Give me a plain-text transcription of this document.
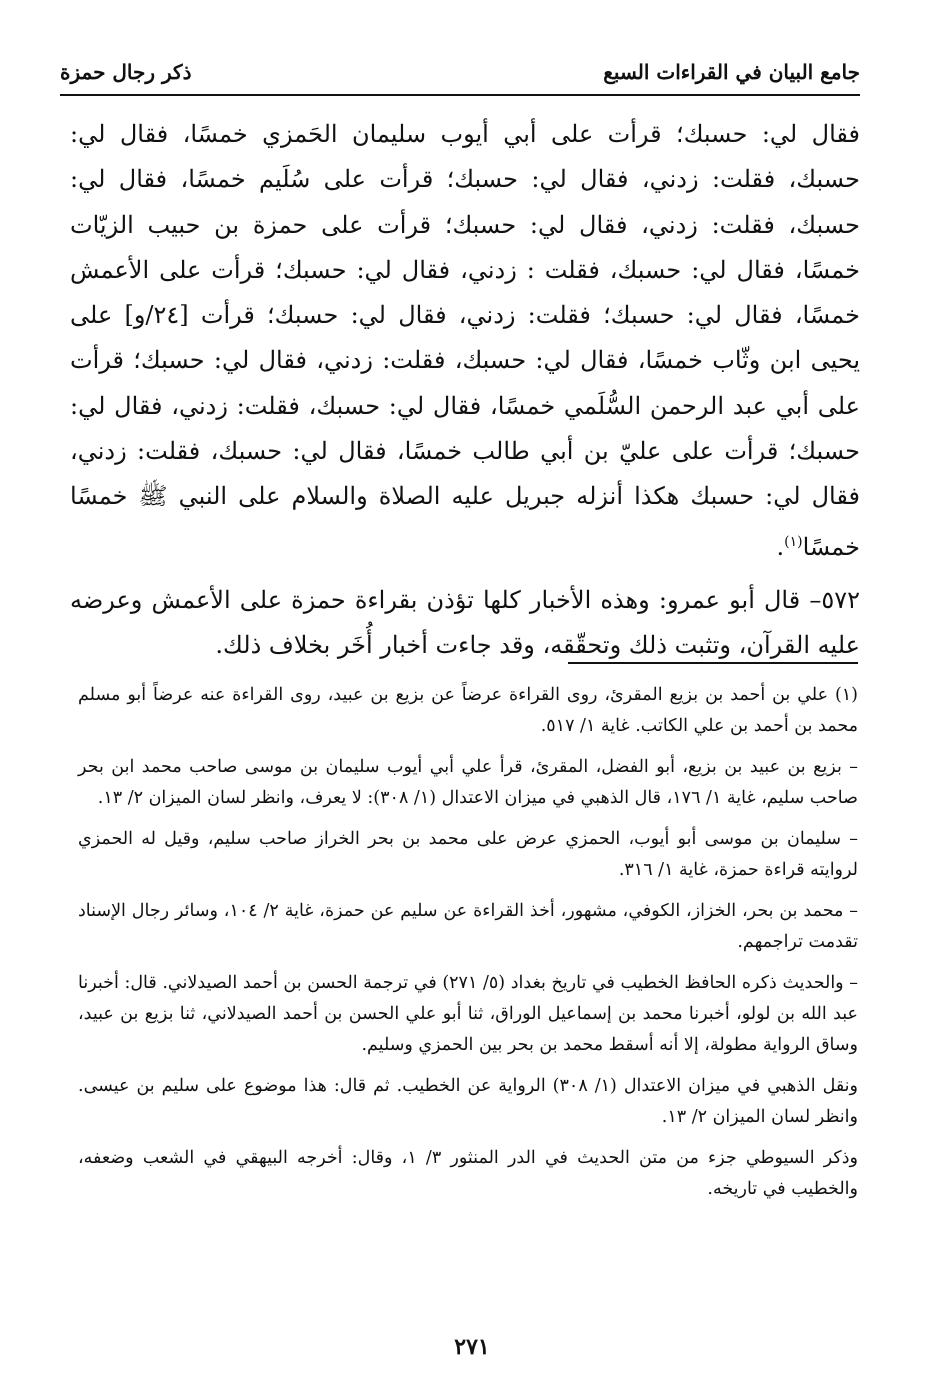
جامع البيان في القراءات السبع
ذكر رجال حمزة

فقال لي: حسبك؛ قرأت على أبي أيوب سليمان الحَمزي خمسًا، فقال لي: حسبك، فقلت: زدني، فقال لي: حسبك؛ قرأت على سُلَيم خمسًا، فقال لي: حسبك، فقلت: زدني، فقال لي: حسبك؛ قرأت على حمزة بن حبيب الزيّات خمسًا، فقال لي: حسبك، فقلت : زدني، فقال لي: حسبك؛ قرأت على الأعمش خمسًا، فقال لي: حسبك؛ فقلت: زدني، فقال لي: حسبك؛ قرأت [٢٤/و] على يحيى ابن وثّاب خمسًا، فقال لي: حسبك، فقلت: زدني، فقال لي: حسبك؛ قرأت على أبي عبد الرحمن السُّلَمي خمسًا، فقال لي: حسبك، فقلت: زدني، فقال لي: حسبك؛ قرأت على عليّ بن أبي طالب خمسًا، فقال لي: حسبك، فقلت: زدني، فقال لي: حسبك هكذا أنزله جبريل عليه الصلاة والسلام على النبي ﷺ خمسًا خمسًا$^{(١)}$.

٥٧٢– قال أبو عمرو: وهذه الأخبار كلها تؤذن بقراءة حمزة على الأعمش وعرضه عليه القرآن، وتثبت ذلك وتحقّقه، وقد جاءت أخبار أُخَر بخلاف ذلك.

(١) علي بن أحمد بن بزيع المقرئ، روى القراءة عرضاً عن بزيع بن عبيد، روى القراءة عنه عرضاً أبو مسلم محمد بن أحمد بن علي الكاتب. غاية ١/ ٥١٧.

– بزيع بن عبيد بن بزيع، أبو الفضل، المقرئ، قرأ علي أبي أيوب سليمان بن موسى صاحب محمد ابن بحر صاحب سليم، غاية ١/ ١٧٦، قال الذهبي في ميزان الاعتدال (١/ ٣٠٨): لا يعرف، وانظر لسان الميزان ٢/ ١٣.

– سليمان بن موسى أبو أيوب، الحمزي عرض على محمد بن بحر الخراز صاحب سليم، وقيل له الحمزي لروايته قراءة حمزة، غاية ١/ ٣١٦.

– محمد بن بحر، الخزاز، الكوفي، مشهور، أخذ القراءة عن سليم عن حمزة، غاية ٢/ ١٠٤، وسائر رجال الإسناد تقدمت تراجمهم.

– والحديث ذكره الحافظ الخطيب في تاريخ بغداد (٥/ ٢٧١) في ترجمة الحسن بن أحمد الصيدلاني. قال: أخبرنا عبد الله بن لولو، أخبرنا محمد بن إسماعيل الوراق، ثنا أبو علي الحسن بن أحمد الصيدلاني، ثنا بزيع بن عبيد، وساق الرواية مطولة، إلا أنه أسقط محمد بن بحر بين الحمزي وسليم.

ونقل الذهبي في ميزان الاعتدال (١/ ٣٠٨) الرواية عن الخطيب. ثم قال: هذا موضوع على سليم بن عيسى. وانظر لسان الميزان ٢/ ١٣.

وذكر السيوطي جزء من متن الحديث في الدر المنثور ٣/ ١، وقال: أخرجه البيهقي في الشعب وضعفه، والخطيب في تاريخه.

٢٧١
